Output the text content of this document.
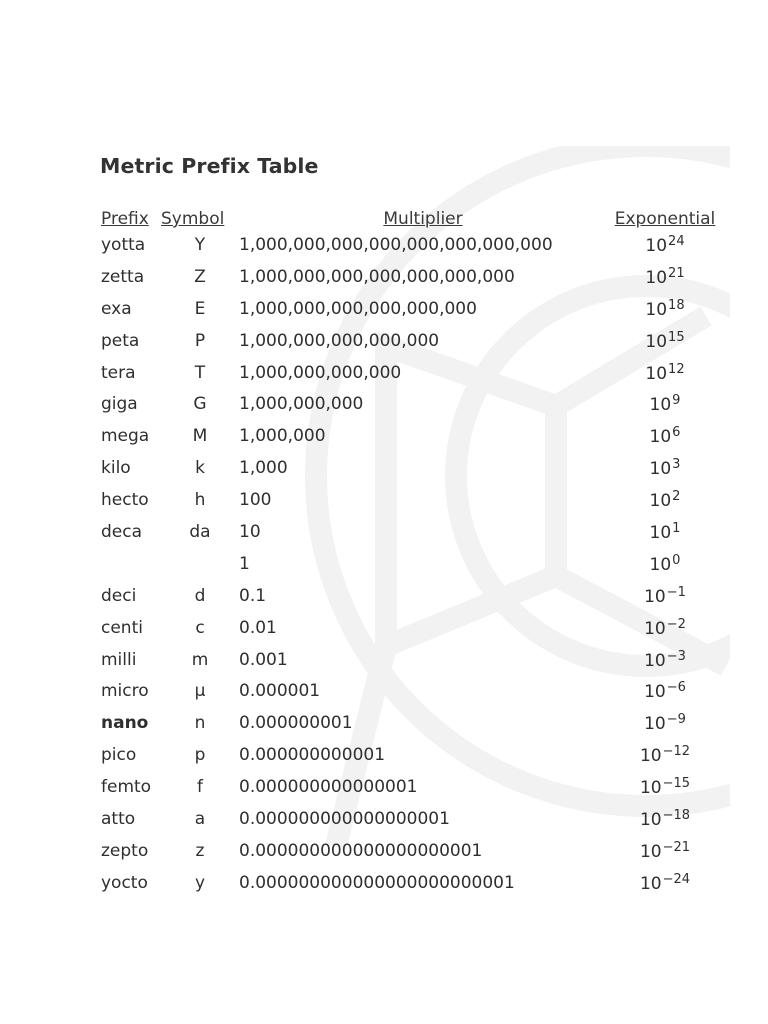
Metric Prefix Table
Prefix	Symbol	Multiplier	Exponential
yotta	Y	1,000,000,000,000,000,000,000,000	$10^{24}$
zetta	Z	1,000,000,000,000,000,000,000	$10^{21}$
exa	E	1,000,000,000,000,000,000	$10^{18}$
peta	P	1,000,000,000,000,000	$10^{15}$
tera	T	1,000,000,000,000	$10^{12}$
giga	G	1,000,000,000	$10^9$
mega	M	1,000,000	$10^6$
kilo	k	1,000	$10^3$
hecto	h	100	$10^2$
deca	da	10	$10^1$
		1	$10^0$
deci	d	0.1	$10^{-1}$
centi	c	0.01	$10^{-2}$
milli	m	0.001	$10^{-3}$
micro	μ	0.000001	$10^{-6}$
nano	n	0.000000001	$10^{-9}$
pico	p	0.000000000001	$10^{-12}$
femto	f	0.000000000000001	$10^{-15}$
atto	a	0.000000000000000001	$10^{-18}$
zepto	z	0.000000000000000000001	$10^{-21}$
yocto	y	0.000000000000000000000001	$10^{-24}$
